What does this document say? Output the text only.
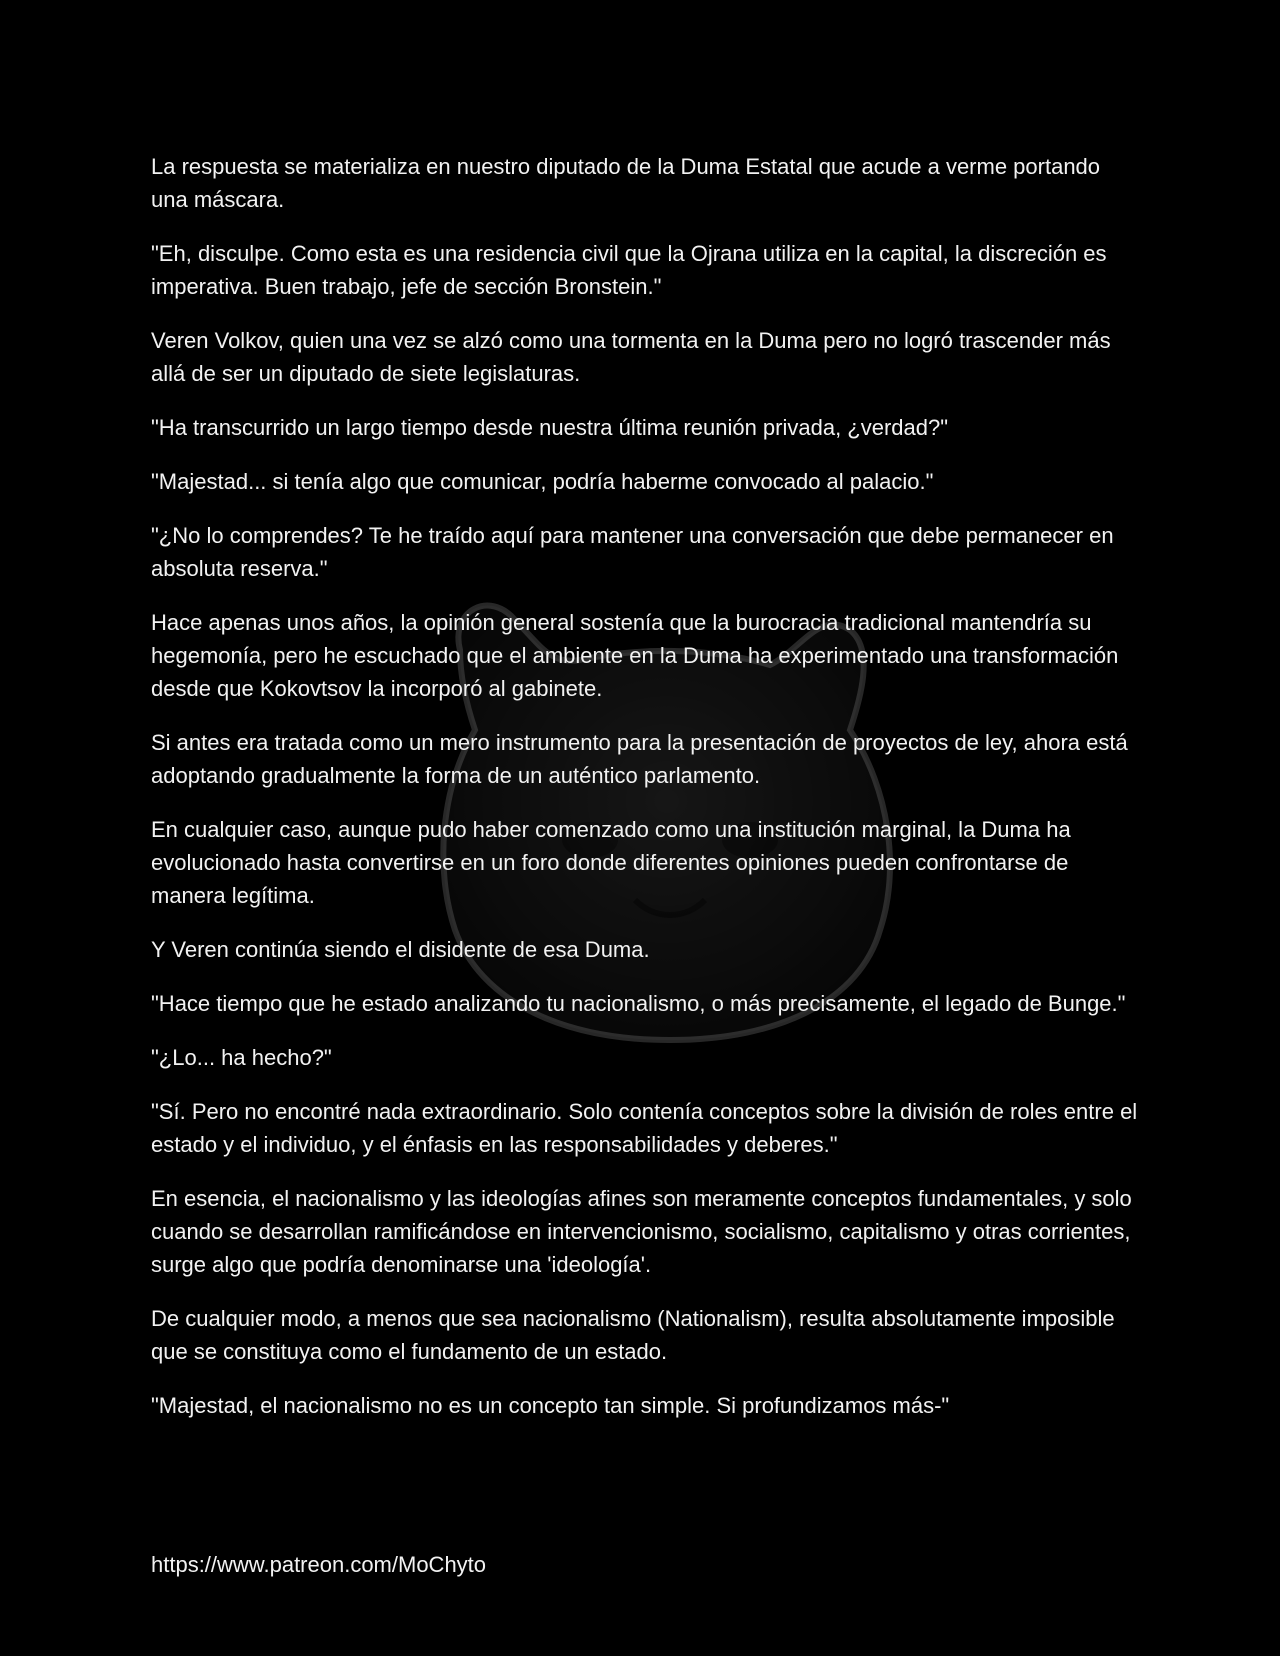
La respuesta se materializa en nuestro diputado de la Duma Estatal que acude a verme portando una máscara.

"Eh, disculpe. Como esta es una residencia civil que la Ojrana utiliza en la capital, la discreción es imperativa. Buen trabajo, jefe de sección Bronstein."

Veren Volkov, quien una vez se alzó como una tormenta en la Duma pero no logró trascender más allá de ser un diputado de siete legislaturas.

"Ha transcurrido un largo tiempo desde nuestra última reunión privada, ¿verdad?"

"Majestad... si tenía algo que comunicar, podría haberme convocado al palacio."

"¿No lo comprendes? Te he traído aquí para mantener una conversación que debe permanecer en absoluta reserva."

Hace apenas unos años, la opinión general sostenía que la burocracia tradicional mantendría su hegemonía, pero he escuchado que el ambiente en la Duma ha experimentado una transformación desde que Kokovtsov la incorporó al gabinete.

Si antes era tratada como un mero instrumento para la presentación de proyectos de ley, ahora está adoptando gradualmente la forma de un auténtico parlamento.

En cualquier caso, aunque pudo haber comenzado como una institución marginal, la Duma ha evolucionado hasta convertirse en un foro donde diferentes opiniones pueden confrontarse de manera legítima.

Y Veren continúa siendo el disidente de esa Duma.

"Hace tiempo que he estado analizando tu nacionalismo, o más precisamente, el legado de Bunge."

"¿Lo... ha hecho?"

"Sí. Pero no encontré nada extraordinario. Solo contenía conceptos sobre la división de roles entre el estado y el individuo, y el énfasis en las responsabilidades y deberes."

En esencia, el nacionalismo y las ideologías afines son meramente conceptos fundamentales, y solo cuando se desarrollan ramificándose en intervencionismo, socialismo, capitalismo y otras corrientes, surge algo que podría denominarse una 'ideología'.

De cualquier modo, a menos que sea nacionalismo (Nationalism), resulta absolutamente imposible que se constituya como el fundamento de un estado.

"Majestad, el nacionalismo no es un concepto tan simple. Si profundizamos más-"

https://www.patreon.com/MoChyto
